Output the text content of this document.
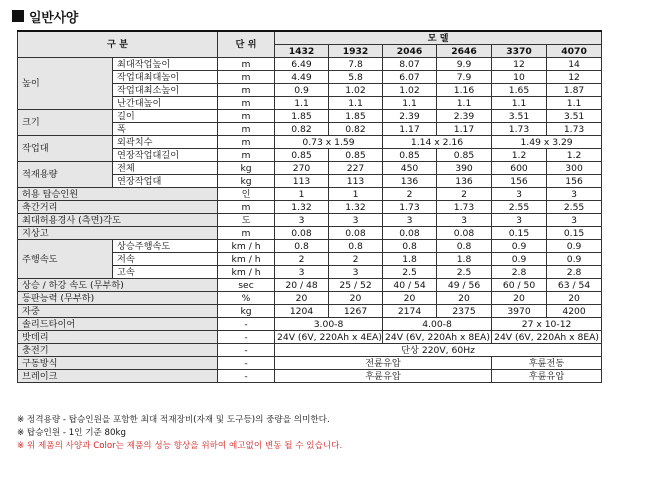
일반사양
구 분		단 위	모 델					
			1432	1932	2046	2646	3370	4070
높이	최대작업높이	m	6.49	7.8	8.07	9.9	12	14
	작업대최대높이	m	4.49	5.8	6.07	7.9	10	12
	작업대최소높이	m	0.9	1.02	1.02	1.16	1.65	1.87
	난간대높이	m	1.1	1.1	1.1	1.1	1.1	1.1
크기	길이	m	1.85	1.85	2.39	2.39	3.51	3.51
	폭	m	0.82	0.82	1.17	1.17	1.73	1.73
작업대	외곽치수	m	0.73 x 1.59		1.14 x 2.16		1.49 x 3.29	
	연장작업대길이	m	0.85	0.85	0.85	0.85	1.2	1.2
적재용량	전체	kg	270	227	450	390	600	300
	연장작업대	kg	113	113	136	136	156	156
허용 탑승인원		인	1	1	2	2	3	3
축간거리		m	1.32	1.32	1.73	1.73	2.55	2.55
최대허용경사 (측면)각도		도	3	3	3	3	3	3
지상고		m	0.08	0.08	0.08	0.08	0.15	0.15
주행속도	상승주행속도	km / h	0.8	0.8	0.8	0.8	0.9	0.9
	저속	km / h	2	2	1.8	1.8	0.9	0.9
	고속	km / h	3	3	2.5	2.5	2.8	2.8
상승 / 하강 속도 (무부하)		sec	20 / 48	25 / 52	40 / 54	49 / 56	60 / 50	63 / 54
등판능력 (무부하)		%	20	20	20	20	20	20
자중		kg	1204	1267	2174	2375	3970	4200
솔리드타이어		-	3.00-8		4.00-8		27 x 10-12	
밧데리		-	24V (6V, 220Ah x 4EA)		24V (6V, 220Ah x 8EA)		24V (6V, 220Ah x 8EA)	
충전기		-	단상 220V, 60Hz					
구동방식		-	전륜유압				후륜전동	
브레이크		-	후륜유압				후륜유압	
※ 정격용량 - 탑승인원을 포함한 최대 적재장비(자재 및 도구등)의 중량을 의미한다.
※ 탑승인원 - 1인 기준 80kg
※ 위 제품의 사양과 Color는 제품의 성능 향상을 위하여 예고없이 변동 될 수 있습니다.
